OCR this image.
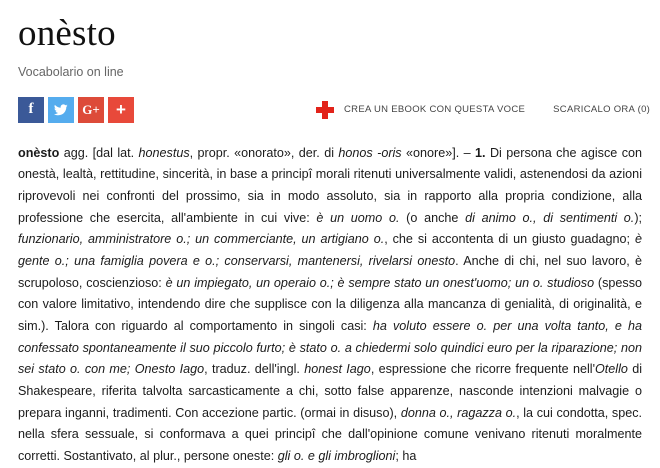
onèsto
Vocabolario on line
f	G+ +	CREA UN EBOOK CON QUESTA VOCE	SCARICALO ORA (0)
onèsto agg. [dal lat. honestus, propr. «onorato», der. di honos -oris «onore»]. – 1. Di persona che agisce con onestà, lealtà, rettitudine, sincerità, in base a principî morali ritenuti universalmente validi, astenendosi da azioni riprovevoli nei confronti del prossimo, sia in modo assoluto, sia in rapporto alla propria condizione, alla professione che esercita, all'ambiente in cui vive: è un uomo o. (o anche di animo o., di sentimenti o.); funzionario, amministratore o.; un commerciante, un artigiano o., che si accontenta di un giusto guadagno; è gente o.; una famiglia povera e o.; conservarsi, mantenersi, rivelarsi onesto. Anche di chi, nel suo lavoro, è scrupoloso, coscienzioso: è un impiegato, un operaio o.; è sempre stato un onest'uomo; un o. studioso (spesso con valore limitativo, intendendo dire che supplisce con la diligenza alla mancanza di genialità, di originalità, e sim.). Talora con riguardo al comportamento in singoli casi: ha voluto essere o. per una volta tanto, e ha confessato spontaneamente il suo piccolo furto; è stato o. a chiedermi solo quindici euro per la riparazione; non sei stato o. con me; Onesto Iago, traduz. dell'ingl. honest Iago, espressione che ricorre frequente nell'Otello di Shakespeare, riferita talvolta sarcasticamente a chi, sotto false apparenze, nasconde intenzioni malvagie o prepara inganni, tradimenti. Con accezione partic. (ormai in disuso), donna o., ragazza o., la cui condotta, spec. nella sfera sessuale, si conformava a quei principî che dall'opinione comune venivano ritenuti moralmente corretti. Sostantivato, al plur., persone oneste: gli o. e gli imbroglioni; ha
